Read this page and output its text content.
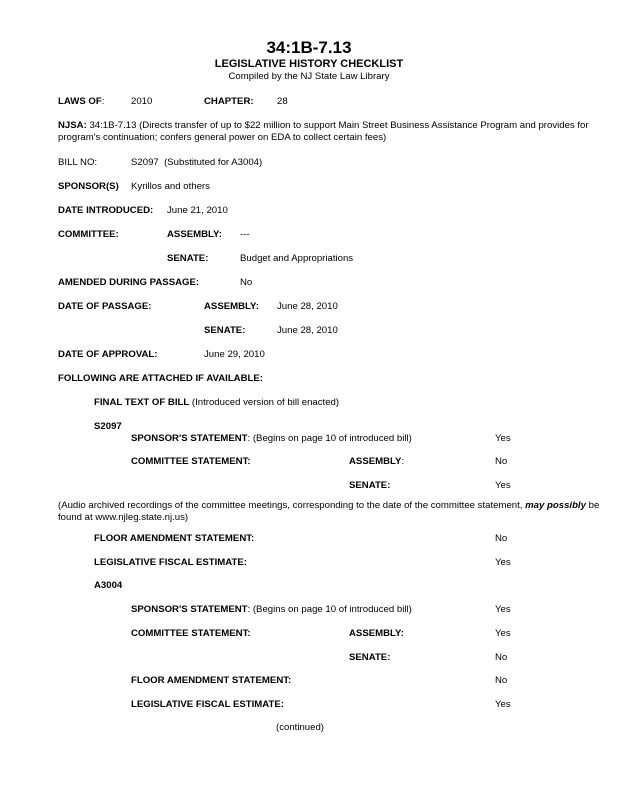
34:1B-7.13
LEGISLATIVE HISTORY CHECKLIST
Compiled by the NJ State Law Library
LAWS OF:	2010	CHAPTER: 28
NJSA: 34:1B-7.13 (Directs transfer of up to $22 million to support Main Street Business Assistance Program and provides for program's continuation; confers general power on EDA to collect certain fees)
BILL NO:	S2097  (Substituted for A3004)
SPONSOR(S) Kyrillos and others
DATE INTRODUCED: June 21, 2010
COMMITTEE:	ASSEMBLY: ---
SENATE:	Budget and Appropriations
AMENDED DURING PASSAGE:	No
DATE OF PASSAGE:	ASSEMBLY: June 28, 2010
SENATE:	June 28, 2010
DATE OF APPROVAL:	June 29, 2010
FOLLOWING ARE ATTACHED IF AVAILABLE:
FINAL TEXT OF BILL (Introduced version of bill enacted)
S2097
SPONSOR'S STATEMENT: (Begins on page 10 of introduced bill)	Yes
COMMITTEE STATEMENT:	ASSEMBLY:	No
SENATE:	Yes
(Audio archived recordings of the committee meetings, corresponding to the date of the committee statement, may possibly be found at www.njleg.state.nj.us)
FLOOR AMENDMENT STATEMENT:	No
LEGISLATIVE FISCAL ESTIMATE:	Yes
A3004
SPONSOR'S STATEMENT: (Begins on page 10 of introduced bill)	Yes
COMMITTEE STATEMENT:	ASSEMBLY:	Yes
SENATE:	No
FLOOR AMENDMENT STATEMENT:	No
LEGISLATIVE FISCAL ESTIMATE:	Yes
(continued)
